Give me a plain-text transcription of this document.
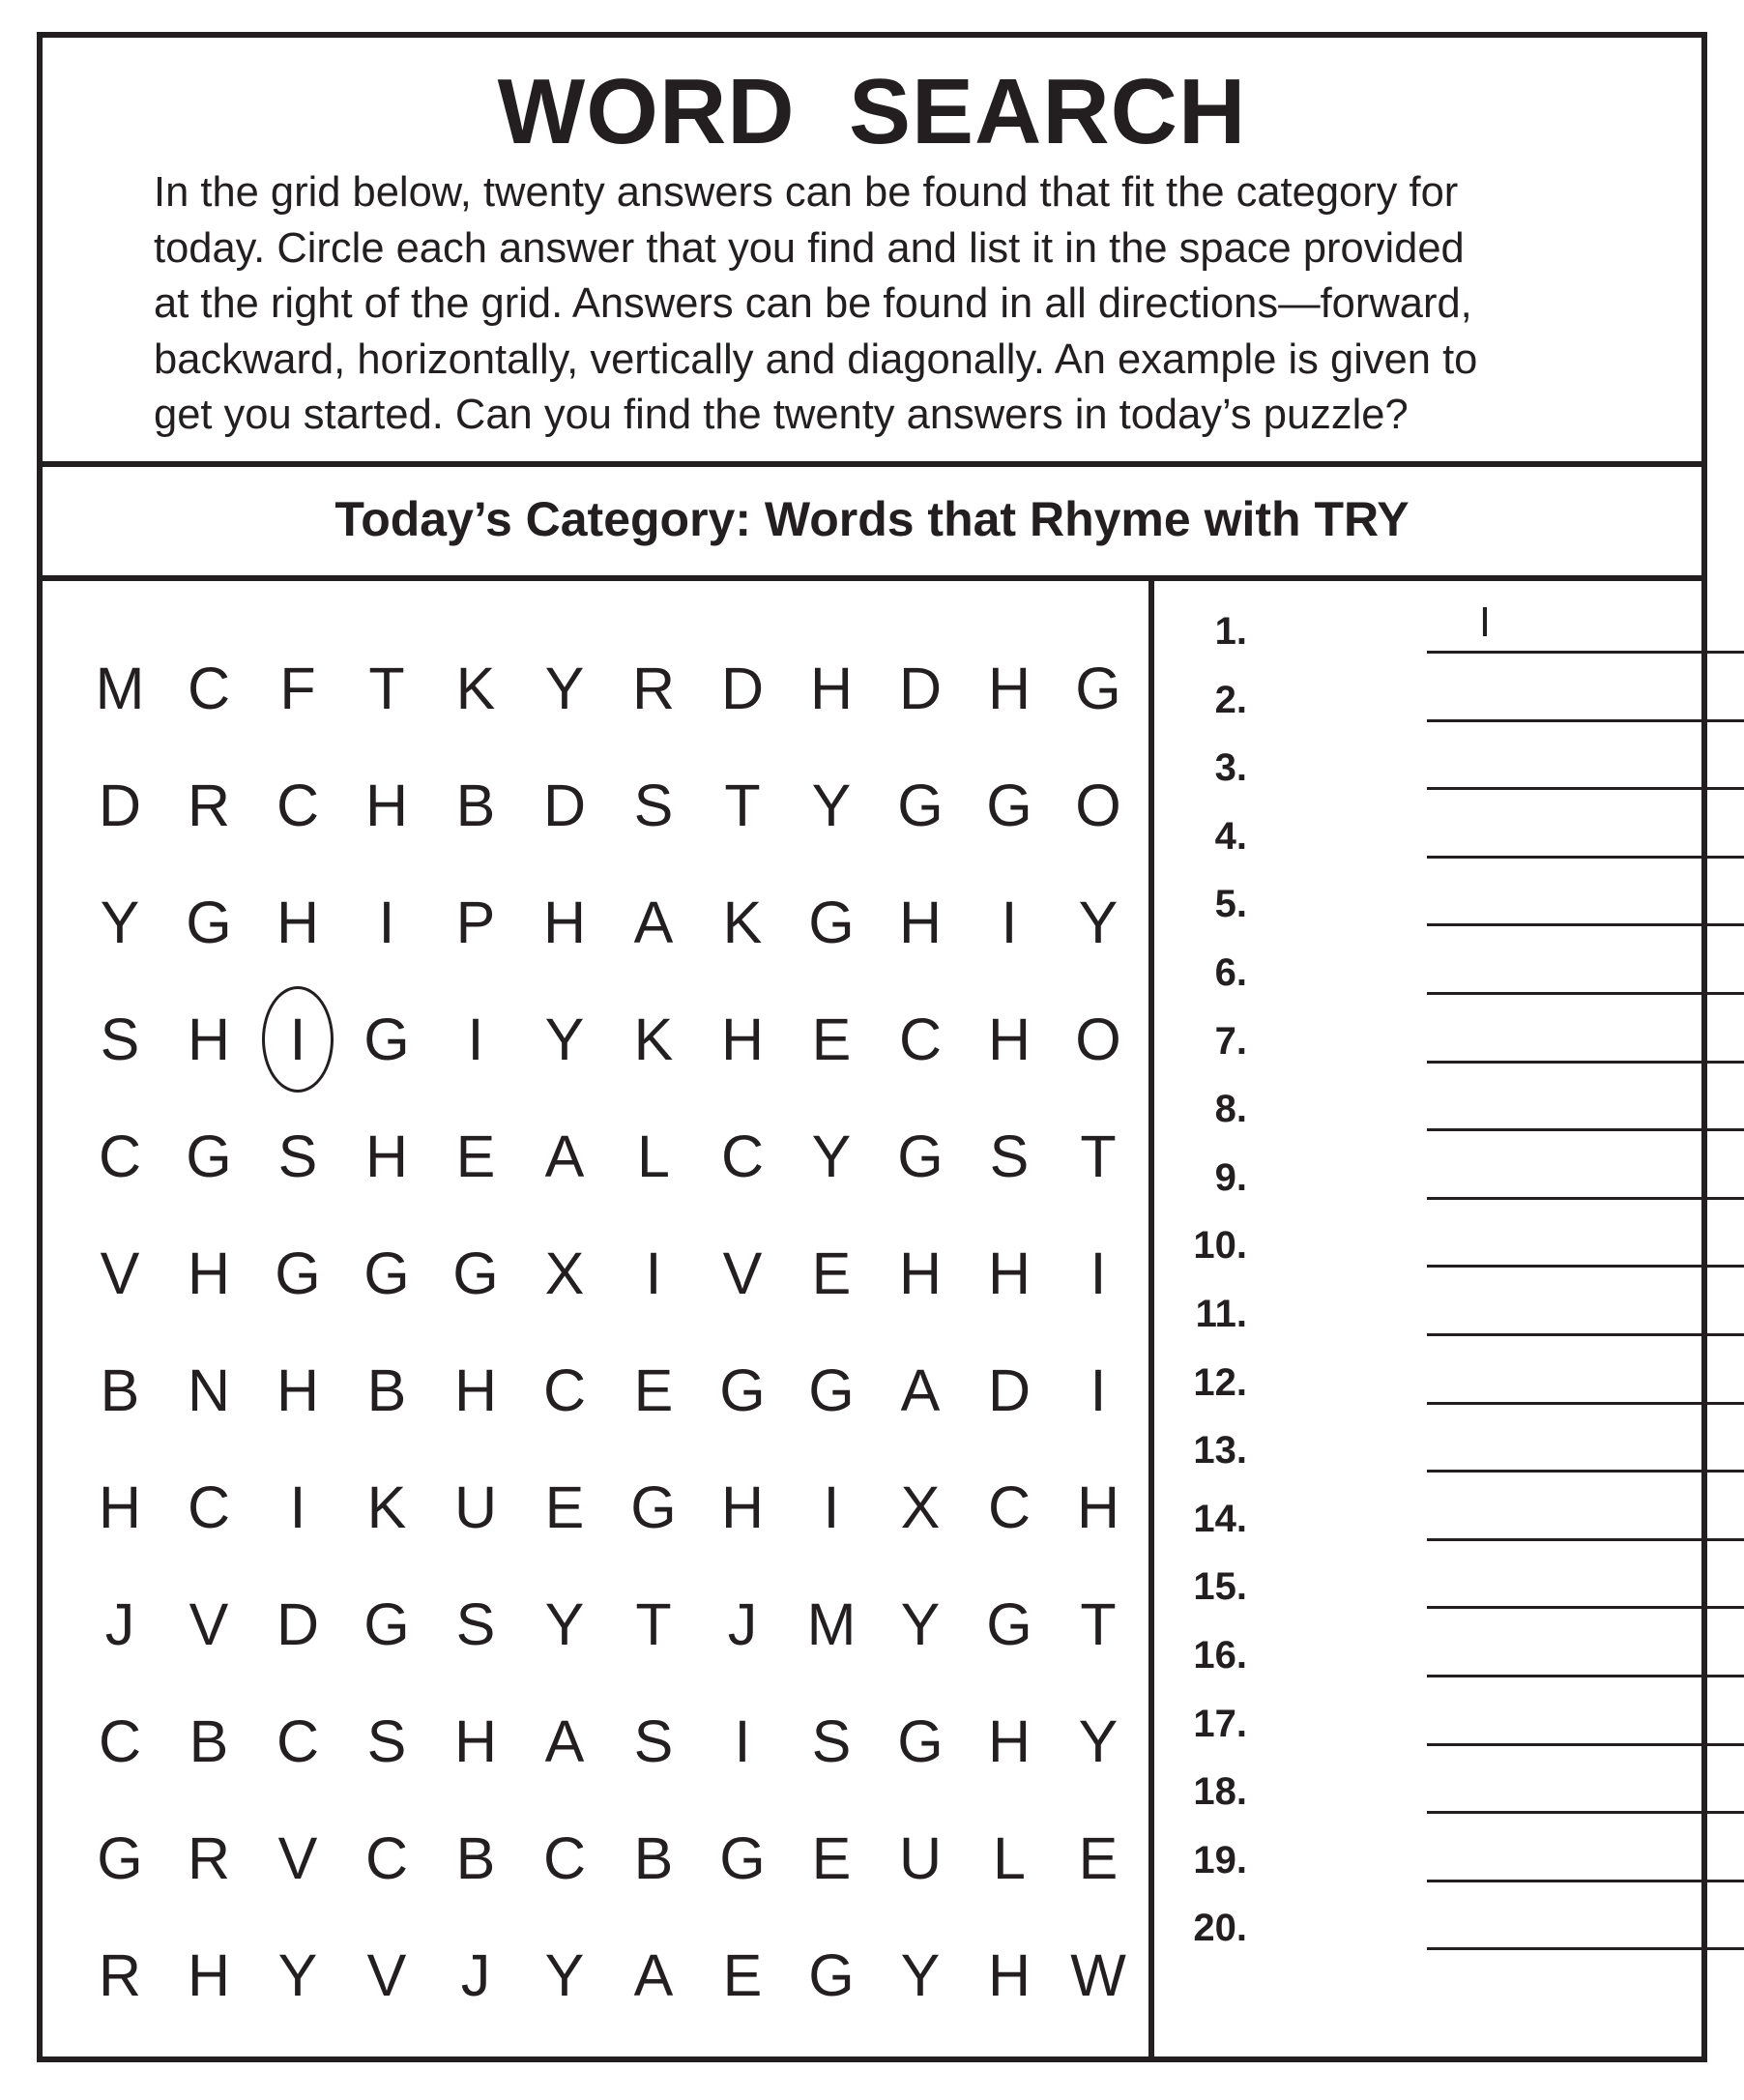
WORD  SEARCH

In the grid below, twenty answers can be found that fit the category for
today. Circle each answer that you find and list it in the space provided
at the right of the grid. Answers can be found in all directions—forward,
backward, horizontally, vertically and diagonally. An example is given to
get you started. Can you find the twenty answers in today’s puzzle?

Today’s Category: Words that Rhyme with TRY
M C F T K Y R D H D H G
D R C H B D S T Y G G O
Y G H	I	P H A K G H	I	Y
S H	I G I	Y K H E C H O
C G S H E A L C Y G S T
V H G G G X	I	V E H H	I
B N H B H C E G G A D	I
H C	I	K U E G H	I	X C H
J V D G S Y T J M Y G T
C B C S H A S	I	S G H Y
G R V C B C B G E U L E
R H Y V J Y A E G Y H W
1.	I
2.
3.
4.
5.
6.
7.
8.
9.
10.
11.
12.
13.
14.
15.
16.
17.
18.
19.
20.
